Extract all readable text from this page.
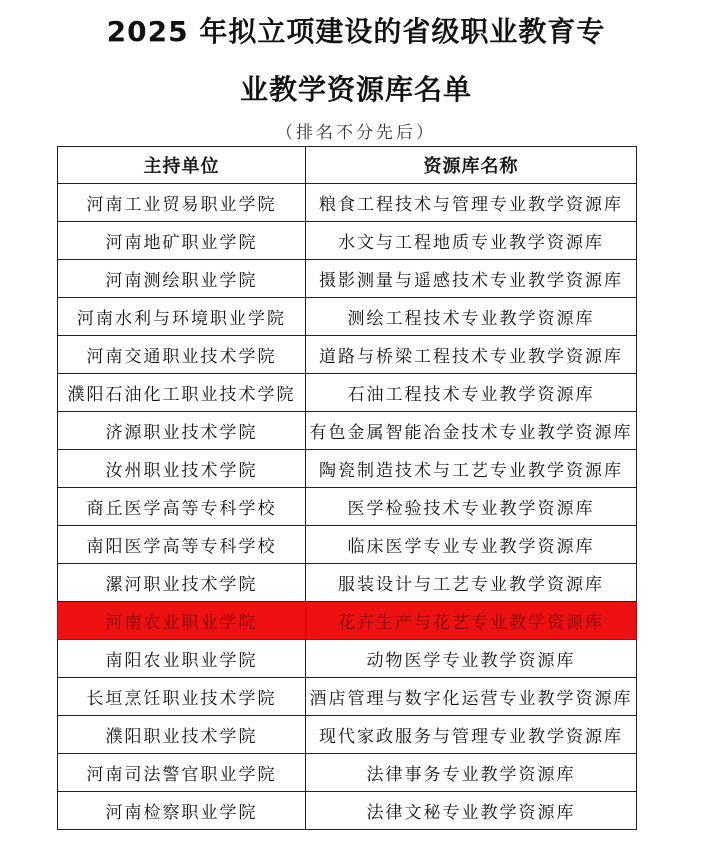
2025 年拟立项建设的省级职业教育专
业教学资源库名单
（排名不分先后）
主持单位	资源库名称
河南工业贸易职业学院	粮食工程技术与管理专业教学资源库
河南地矿职业学院	水文与工程地质专业教学资源库
河南测绘职业学院	摄影测量与遥感技术专业教学资源库
河南水利与环境职业学院	测绘工程技术专业教学资源库
河南交通职业技术学院	道路与桥梁工程技术专业教学资源库
濮阳石油化工职业技术学院	石油工程技术专业教学资源库
济源职业技术学院	有色金属智能冶金技术专业教学资源库
汝州职业技术学院	陶瓷制造技术与工艺专业教学资源库
商丘医学高等专科学校	医学检验技术专业教学资源库
南阳医学高等专科学校	临床医学专业专业教学资源库
漯河职业技术学院	服装设计与工艺专业教学资源库
河南农业职业学院	花卉生产与花艺专业教学资源库
南阳农业职业学院	动物医学专业教学资源库
长垣烹饪职业技术学院	酒店管理与数字化运营专业教学资源库
濮阳职业技术学院	现代家政服务与管理专业教学资源库
河南司法警官职业学院	法律事务专业教学资源库
河南检察职业学院	法律文秘专业教学资源库
